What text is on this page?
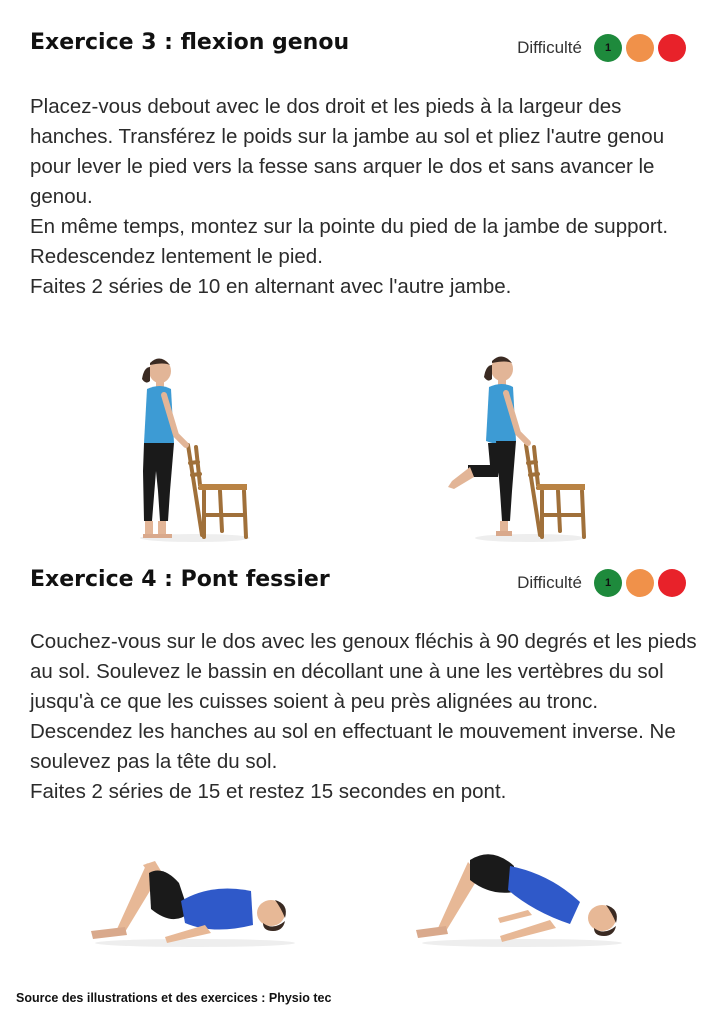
Exercice 3 : flexion genou	Difficulté 1

Placez-vous debout avec le dos droit et les pieds à la largeur des hanches. Transférez le poids sur la jambe au sol et pliez l'autre genou pour lever le pied vers la fesse sans arquer le dos et sans avancer le genou.

En même temps, montez sur la pointe du pied de la jambe de support. Redescendez lentement le pied.

Faites 2 séries de 10 en alternant avec l'autre jambe.

Exercice 4 : Pont fessier	Difficulté 1

Couchez-vous sur le dos avec les genoux fléchis à 90 degrés et les pieds au sol. Soulevez le bassin en décollant une à une les vertèbres du sol jusqu'à ce que les cuisses soient à peu près alignées au tronc. Descendez les hanches au sol en effectuant le mouvement inverse. Ne soulevez pas la tête du sol.

Faites 2 séries de 15 et restez 15 secondes en pont.

Source des illustrations et des exercices : Physio tec
